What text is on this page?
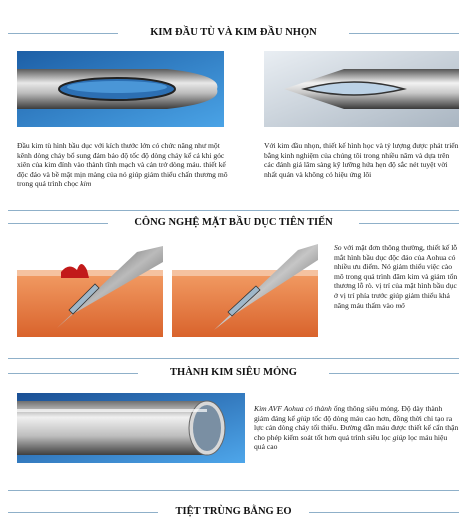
KIM ĐẦU TÙ VÀ KIM ĐẦU NHỌN
Đầu kim tù hình bầu dục với kích thước lớn có chức năng như một kênh dòng chảy bổ sung đảm bảo độ tốc độ dòng chảy kể cả khi góc xiên của kim đính vào thành tĩnh mạch và cản trở dòng máu. thiết kế độc đáo và bề mặt mịn màng của nó giúp giảm thiểu chấn thương mô trong quá trình chọc kim
Với kim đầu nhọn, thiết kế hình học và tỷ lượng được phát triển bằng kinh nghiệm của chúng tôi trong nhiều năm và dựa trên các đánh giá lâm sàng kỹ lưỡng hứa hẹn độ sắc nét tuyệt vời nhất quán và không có hiệu ứng lõi
CÔNG NGHỆ MẶT BẦU DỤC TIÊN TIẾN
So với mặt đơn thông thường, thiết kế lỗ mắt hình bầu dục độc đáo của Aohua có nhiều ưu điểm. Nó giảm thiểu việc cào mô trong quá trình đâm kim và giảm tổn thương lỗ rò. vị trí của mặt hình bầu dục ở vị trí phía trước giúp giảm thiểu khả năng máu thấm vào mô
THÀNH KIM SIÊU MỎNG
Kim AVF Aohua có thành ống thông siêu mỏng. Độ dày thành giảm đáng kể giúp tốc độ dòng máu cao hơn, đồng thời chi tạo ra lực cản dòng chảy tối thiểu. Đường dẫn máu được thiết kế cẩn thận cho phép kiểm soát tốt hơn quá trình siêu lọc giúp lọc máu hiệu quả cao
TIỆT TRÙNG BẰNG EO
